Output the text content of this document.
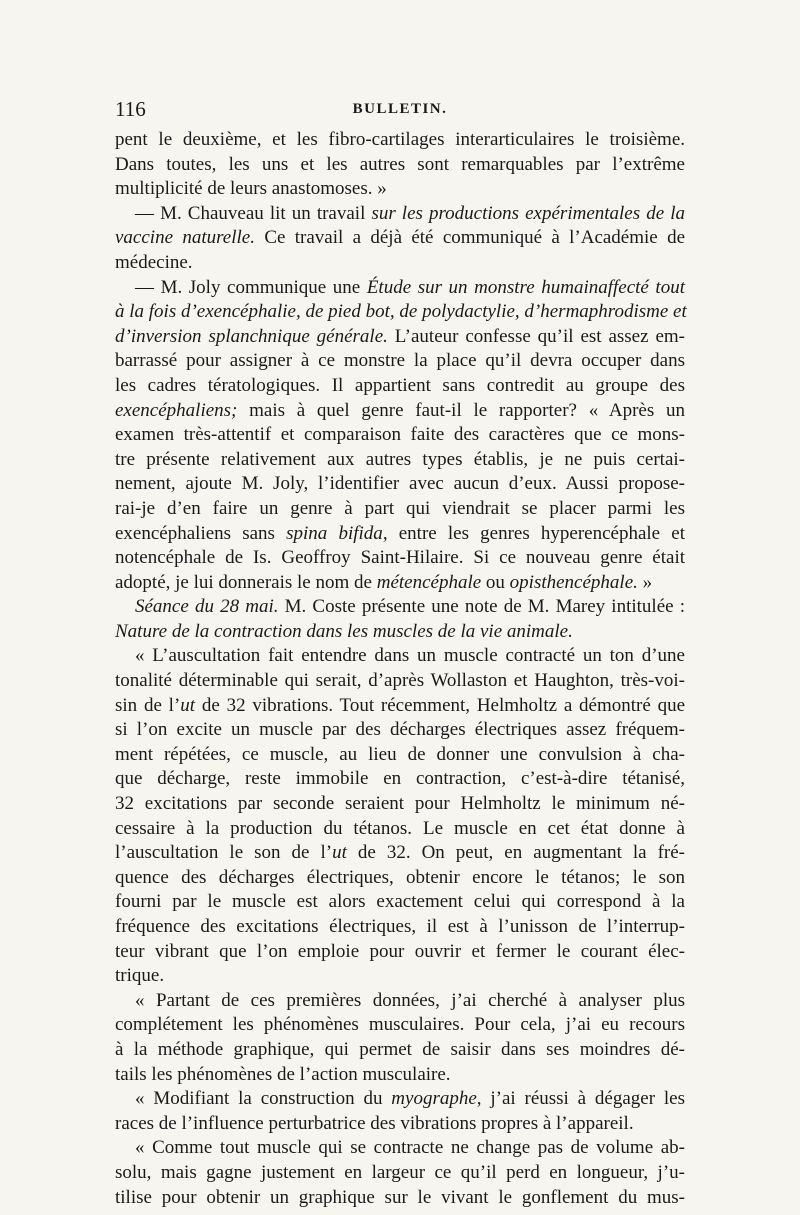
116	BULLETIN.
pent le deuxième, et les fibro-cartilages interarticulaires le troisième.
Dans toutes, les uns et les autres sont remarquables par l’extrême
multiplicité de leurs anastomoses. »
— M. Chauveau lit un travail sur les productions expérimentales de la
vaccine naturelle. Ce travail a déjà été communiqué à l’Académie de
médecine.
— M. Joly communique une Étude sur un monstre humainaffecté tout
à la fois d’exencéphalie, de pied bot, de polydactylie, d’hermaphrodisme et
d’inversion splanchnique générale. L’auteur confesse qu’il est assez em-
barrassé pour assigner à ce monstre la place qu’il devra occuper dans
les cadres tératologiques. Il appartient sans contredit au groupe des
exencéphaliens; mais à quel genre faut-il le rapporter? « Après un
examen très-attentif et comparaison faite des caractères que ce mons-
tre présente relativement aux autres types établis, je ne puis certai-
nement, ajoute M. Joly, l’identifier avec aucun d’eux. Aussi propose-
rai-je d’en faire un genre à part qui viendrait se placer parmi les
exencéphaliens sans spina bifida, entre les genres hyperencéphale et
notencéphale de Is. Geoffroy Saint-Hilaire. Si ce nouveau genre était
adopté, je lui donnerais le nom de métencéphale ou opisthencéphale. »
Séance du 28 mai. M. Coste présente une note de M. Marey intitulée :
Nature de la contraction dans les muscles de la vie animale.
« L’auscultation fait entendre dans un muscle contracté un ton d’une
tonalité déterminable qui serait, d’après Wollaston et Haughton, très-voi-
sin de l’ut de 32 vibrations. Tout récemment, Helmholtz a démontré que
si l’on excite un muscle par des décharges électriques assez fréquem-
ment répétées, ce muscle, au lieu de donner une convulsion à cha-
que décharge, reste immobile en contraction, c’est-à-dire tétanisé,
32 excitations par seconde seraient pour Helmholtz le minimum né-
cessaire à la production du tétanos. Le muscle en cet état donne à
l’auscultation le son de l’ut de 32. On peut, en augmentant la fré-
quence des décharges électriques, obtenir encore le tétanos; le son
fourni par le muscle est alors exactement celui qui correspond à la
fréquence des excitations électriques, il est à l’unisson de l’interrup-
teur vibrant que l’on emploie pour ouvrir et fermer le courant élec-
trique.
« Partant de ces premières données, j’ai cherché à analyser plus
complétement les phénomènes musculaires. Pour cela, j’ai eu recours
à la méthode graphique, qui permet de saisir dans ses moindres dé-
tails les phénomènes de l’action musculaire.
« Modifiant la construction du myographe, j’ai réussi à dégager les
races de l’influence perturbatrice des vibrations propres à l’appareil.
« Comme tout muscle qui se contracte ne change pas de volume ab-
solu, mais gagne justement en largeur ce qu’il perd en longueur, j’u-
tilise pour obtenir un graphique sur le vivant le gonflement du mus-
